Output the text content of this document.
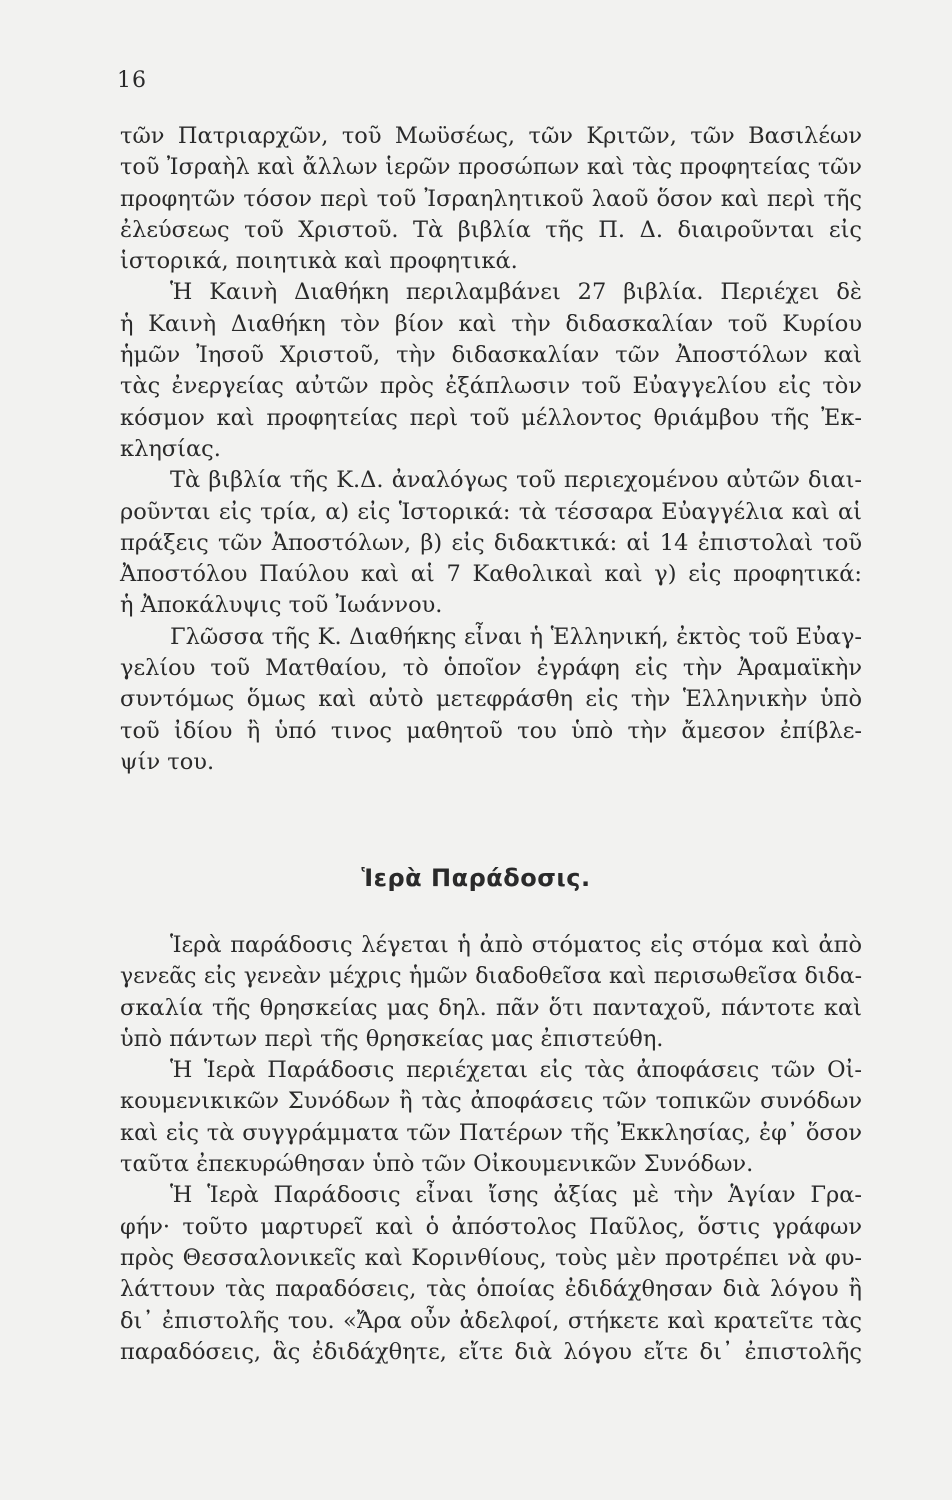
16
τῶν Πατριαρχῶν, τοῦ Μωϋσέως, τῶν Κριτῶν, τῶν Βασιλέων
τοῦ Ἰσραὴλ καὶ ἄλλων ἱερῶν προσώπων καὶ τὰς προφητείας τῶν
προφητῶν τόσον περὶ τοῦ Ἰσραηλητικοῦ λαοῦ ὅσον καὶ περὶ τῆς
ἐλεύσεως τοῦ Χριστοῦ. Τὰ βιβλία τῆς Π. Δ. διαιροῦνται εἰς
ἱστορικά, ποιητικὰ καὶ προφητικά.
Ἡ Καινὴ Διαθήκη περιλαμβάνει 27 βιβλία. Περιέχει δὲ
ἡ Καινὴ Διαθήκη τὸν βίον καὶ τὴν διδασκαλίαν τοῦ Κυρίου
ἡμῶν Ἰησοῦ Χριστοῦ, τὴν διδασκαλίαν τῶν Ἀποστόλων καὶ
τὰς ἐνεργείας αὐτῶν πρὸς ἐξάπλωσιν τοῦ Εὐαγγελίου εἰς τὸν
κόσμον καὶ προφητείας περὶ τοῦ μέλλοντος θριάμβου τῆς Ἐκ-
κλησίας.
Τὰ βιβλία τῆς Κ.Δ. ἀναλόγως τοῦ περιεχομένου αὐτῶν διαι-
ροῦνται εἰς τρία, α) εἰς Ἱστορικά: τὰ τέσσαρα Εὐαγγέλια καὶ αἱ
πράξεις τῶν Ἀποστόλων, β) εἰς διδακτικά: αἱ 14 ἐπιστολαὶ τοῦ
Ἀποστόλου Παύλου καὶ αἱ 7 Καθολικαὶ καὶ γ) εἰς προφητικά:
ἡ Ἀποκάλυψις τοῦ Ἰωάννου.
Γλῶσσα τῆς Κ. Διαθήκης εἶναι ἡ Ἑλληνική, ἐκτὸς τοῦ Εὐαγ-
γελίου τοῦ Ματθαίου, τὸ ὁποῖον ἐγράφη εἰς τὴν Ἀραμαϊκὴν
συντόμως ὅμως καὶ αὐτὸ μετεφράσθη εἰς τὴν Ἑλληνικὴν ὑπὸ
τοῦ ἰδίου ἢ ὑπό τινος μαθητοῦ του ὑπὸ τὴν ἄμεσον ἐπίβλε-
ψίν του.
Ἱερὰ Παράδοσις.
Ἱερὰ παράδοσις λέγεται ἡ ἀπὸ στόματος εἰς στόμα καὶ ἀπὸ
γενεᾶς εἰς γενεὰν μέχρις ἡμῶν διαδοθεῖσα καὶ περισωθεῖσα διδα-
σκαλία τῆς θρησκείας μας δηλ. πᾶν ὅτι πανταχοῦ, πάντοτε καὶ
ὑπὸ πάντων περὶ τῆς θρησκείας μας ἐπιστεύθη.
Ἡ Ἱερὰ Παράδοσις περιέχεται εἰς τὰς ἀποφάσεις τῶν Οἰ-
κουμενικικῶν Συνόδων ἢ τὰς ἀποφάσεις τῶν τοπικῶν συνόδων
καὶ εἰς τὰ συγγράμματα τῶν Πατέρων τῆς Ἐκκλησίας, ἐφ᾽ ὅσον
ταῦτα ἐπεκυρώθησαν ὑπὸ τῶν Οἰκουμενικῶν Συνόδων.
Ἡ Ἱερὰ Παράδοσις εἶναι ἴσης ἀξίας μὲ τὴν Ἁγίαν Γρα-
φήν· τοῦτο μαρτυρεῖ καὶ ὁ ἀπόστολος Παῦλος, ὅστις γράφων
πρὸς Θεσσαλονικεῖς καὶ Κορινθίους, τοὺς μὲν προτρέπει νὰ φυ-
λάττουν τὰς παραδόσεις, τὰς ὁποίας ἐδιδάχθησαν διὰ λόγου ἢ
δι᾽ ἐπιστολῆς του. «Ἄρα οὖν ἀδελφοί, στήκετε καὶ κρατεῖτε τὰς
παραδόσεις, ἃς ἐδιδάχθητε, εἴτε διὰ λόγου εἴτε δι᾽ ἐπιστολῆς
